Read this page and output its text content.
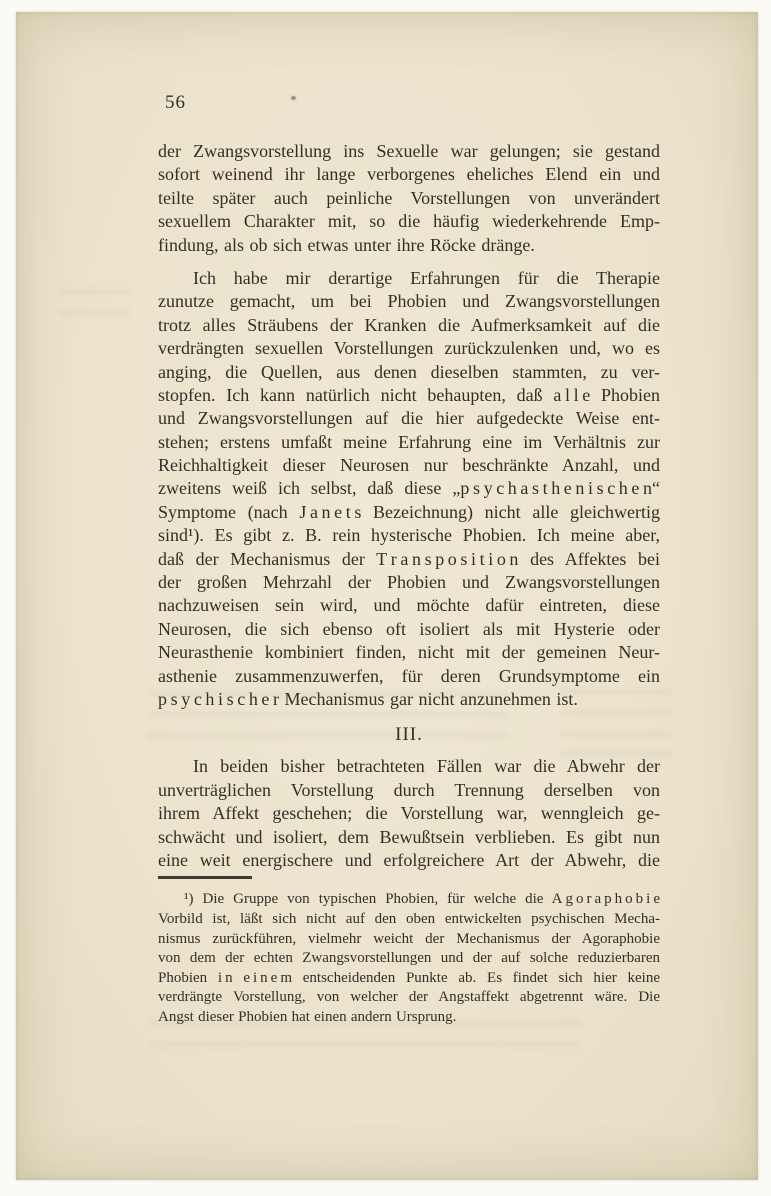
56
der Zwangsvorstellung ins Sexuelle war gelungen; sie gestand
sofort weinend ihr lange verborgenes eheliches Elend ein und
teilte später auch peinliche Vorstellungen von unverändert
sexuellem Charakter mit, so die häufig wiederkehrende Emp-
findung, als ob sich etwas unter ihre Röcke dränge.
Ich habe mir derartige Erfahrungen für die Therapie
zunutze gemacht, um bei Phobien und Zwangsvorstellungen
trotz alles Sträubens der Kranken die Aufmerksamkeit auf die
verdrängten sexuellen Vorstellungen zurückzulenken und, wo es
anging, die Quellen, aus denen dieselben stammten, zu ver-
stopfen. Ich kann natürlich nicht behaupten, daß a l l e Phobien
und Zwangsvorstellungen auf die hier aufgedeckte Weise ent-
stehen; erstens umfaßt meine Erfahrung eine im Verhältnis zur
Reichhaltigkeit dieser Neurosen nur beschränkte Anzahl, und
zweitens weiß ich selbst, daß diese „p s y c h a s t h e n i s c h e n“
Symptome (nach J a n e t s Bezeichnung) nicht alle gleichwertig
sind¹). Es gibt z. B. rein hysterische Phobien. Ich meine aber,
daß der Mechanismus der T r a n s p o s i t i o n des Affektes bei
der großen Mehrzahl der Phobien und Zwangsvorstellungen
nachzuweisen sein wird, und möchte dafür eintreten, diese
Neurosen, die sich ebenso oft isoliert als mit Hysterie oder
Neurasthenie kombiniert finden, nicht mit der gemeinen Neur-
asthenie zusammenzuwerfen, für deren Grundsymptome ein
p s y c h i s c h e r Mechanismus gar nicht anzunehmen ist.
III.
In beiden bisher betrachteten Fällen war die Abwehr der
unverträglichen Vorstellung durch Trennung derselben von
ihrem Affekt geschehen; die Vorstellung war, wenngleich ge-
schwächt und isoliert, dem Bewußtsein verblieben. Es gibt nun
eine weit energischere und erfolgreichere Art der Abwehr, die
¹) Die Gruppe von typischen Phobien, für welche die A g o r a p h o b i e
Vorbild ist, läßt sich nicht auf den oben entwickelten psychischen Mecha-
nismus zurückführen, vielmehr weicht der Mechanismus der Agoraphobie
von dem der echten Zwangsvorstellungen und der auf solche reduzierbaren
Phobien i n e i n e m entscheidenden Punkte ab. Es findet sich hier keine
verdrängte Vorstellung, von welcher der Angstaffekt abgetrennt wäre. Die
Angst dieser Phobien hat einen andern Ursprung.
